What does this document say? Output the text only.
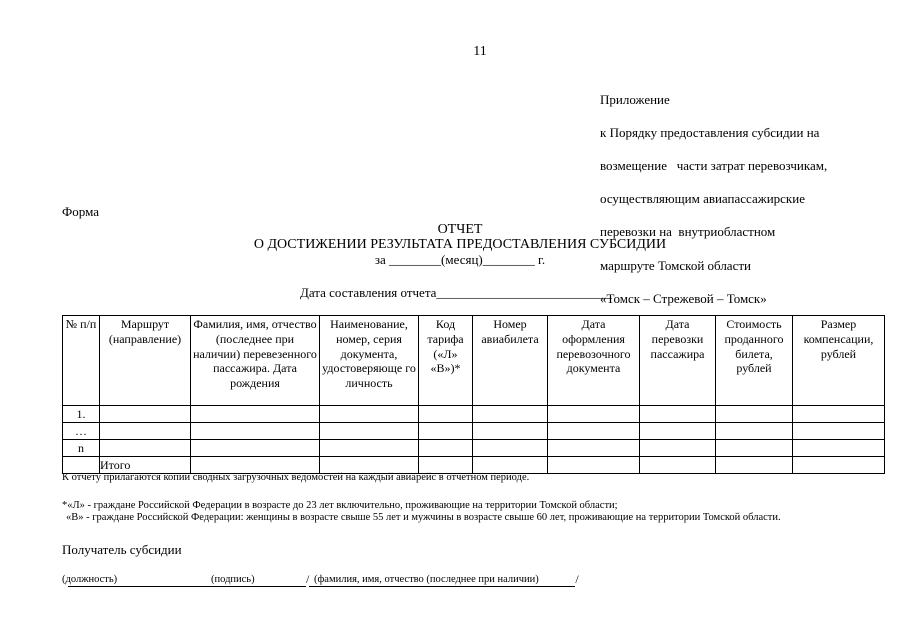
11

Приложение

к Порядку предоставления субсидии на

возмещение   части затрат перевозчикам,

осуществляющим авиапассажирские

перевозки на  внутриобластном

маршруте Томской области

«Томск – Стрежевой – Томск»

Форма
ОТЧЕТ
О ДОСТИЖЕНИИ РЕЗУЛЬТАТА ПРЕДОСТАВЛЕНИЯ СУБСИДИИ
за ________(месяц)________ г.
Дата составления отчета___________________________
№ п/п	Маршрут (направление)	Фамилия, имя, отчество (последнее при наличии) перевезенного пассажира. Дата рождения	Наименование, номер, серия документа, удостоверяюще го личность	Код тарифа («Л» «В»)*	Номер авиабилета	Дата оформления перевозочного документа	Дата перевозки пассажира	Стоимость проданного билета, рублей	Размер компенсации, рублей
1.									
…									
n									
	Итого								
К отчету прилагаются копии сводных загрузочных ведомостей на каждый авиарейс в отчетном периоде.
*«Л» - граждане Российской Федерации в возрасте до 23 лет включительно, проживающие на территории Томской области;
«В» - граждане Российской Федерации: женщины в возрасте свыше 55 лет и мужчины в возрасте свыше 60 лет, проживающие на территории Томской области.
Получатель субсидии

/	/

(должность)	(подпись)	(фамилия, имя, отчество (последнее при наличии)
